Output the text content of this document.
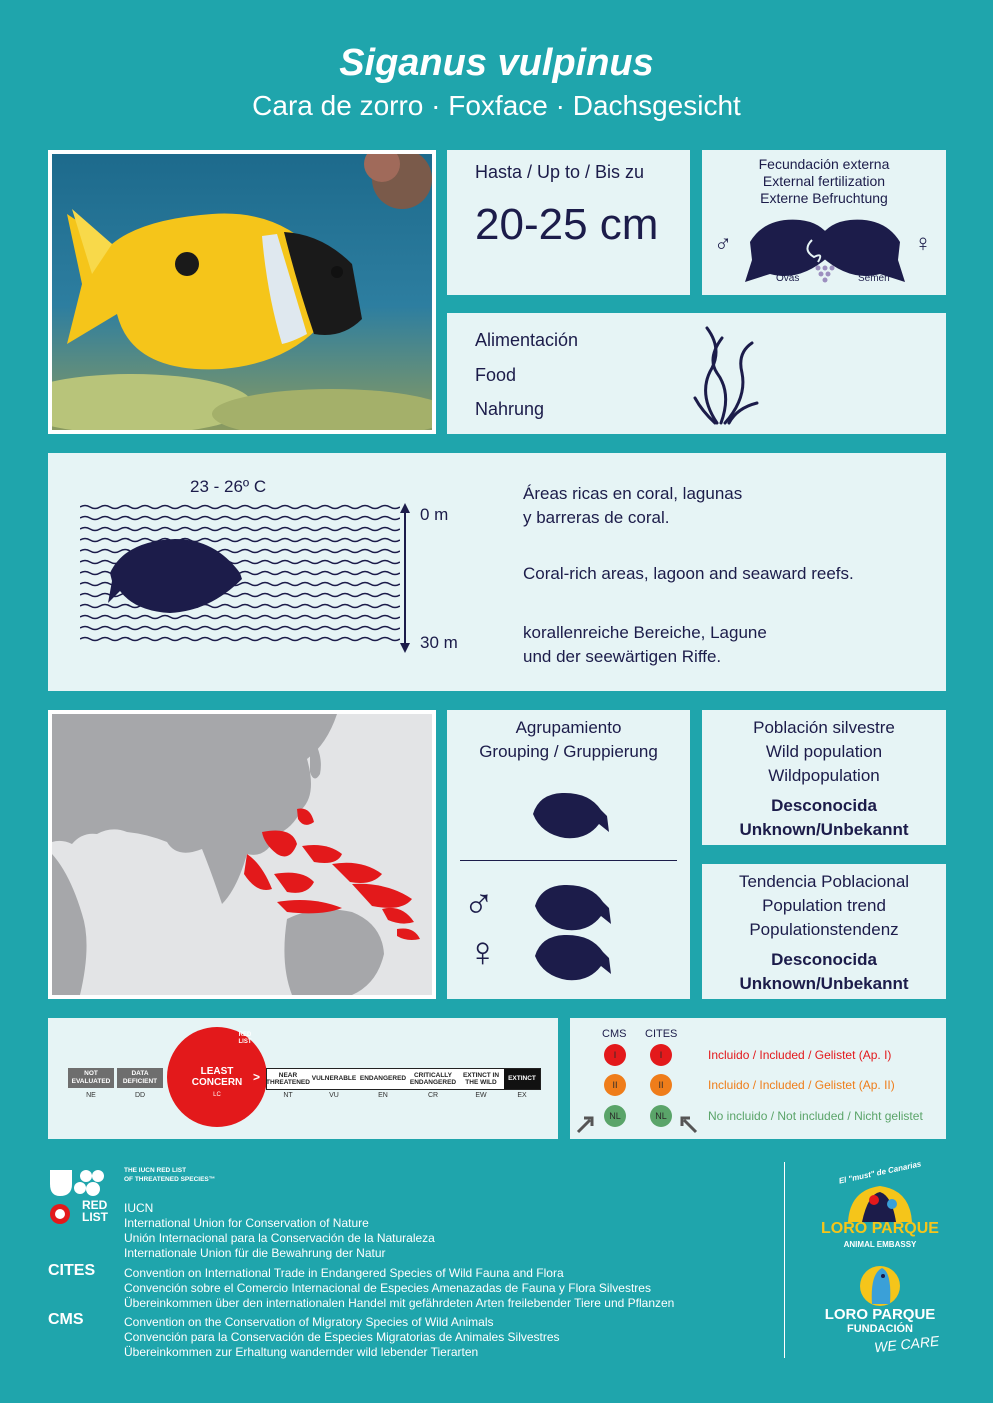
Siganus vulpinus
Cara de zorro · Foxface · Dachsgesicht
Hasta / Up to / Bis zu
20-25 cm
Fecundación externa
External fertilization
Externe Befruchtung
♂	♀
Ovas	Semen
Alimentación
Food
Nahrung
23 - 26º C
0 m
30 m
Áreas ricas en coral, lagunas
y barreras de coral.
Coral-rich areas, lagoon and seaward reefs.
korallenreiche Bereiche, Lagune
und der seewärtigen Riffe.
Agrupamiento
Grouping / Gruppierung
♂
♀
Población silvestre
Wild population
Wildpopulation
Desconocida
Unknown/Unbekannt
Tendencia Poblacional
Population trend
Populationstendenz
Desconocida
Unknown/Unbekannt
NOT EVALUATED
DATA DEFICIENT
NE	DD
LEAST
CONCERN
LC
RED LIST
>	NEAR THREATENED
VULNERABLE ENDANGERED	CRITICALLY ENDANGERED
EXTINCT IN THE WILD
EXTINCT
NT	VU	EN	CR	EW	EX
CMS CITES
I	I	Incluido / Included / Gelistet (Ap. I)
II	II	Incluido / Included / Gelistet (Ap. II)
NL	NL	No incluido / Not included / Nicht gelistet
RED
LIST
THE IUCN RED LIST
OF THREATENED SPECIES™
IUCN
International Union for Conservation of Nature
Unión Internacional para la Conservación de la Naturaleza
Internationale Union für die Bewahrung der Natur
CITES Convention on International Trade in Endangered Species of Wild Fauna and Flora
Convención sobre el Comercio Internacional de Especies Amenazadas de Fauna y Flora Silvestres
Übereinkommen über den internationalen Handel mit gefährdeten Arten freilebender Tiere und Pflanzen
CMS	Convention on the Conservation of Migratory Species of Wild Animals
Convención para la Conservación de Especies Migratorias de Animales Silvestres
Übereinkommen zur Erhaltung wandernder wild lebender Tierarten
El "must" de Canarias
LORO PARQUE
ANIMAL EMBASSY
LORO PARQUE
FUNDACIÓN
WE CARE
